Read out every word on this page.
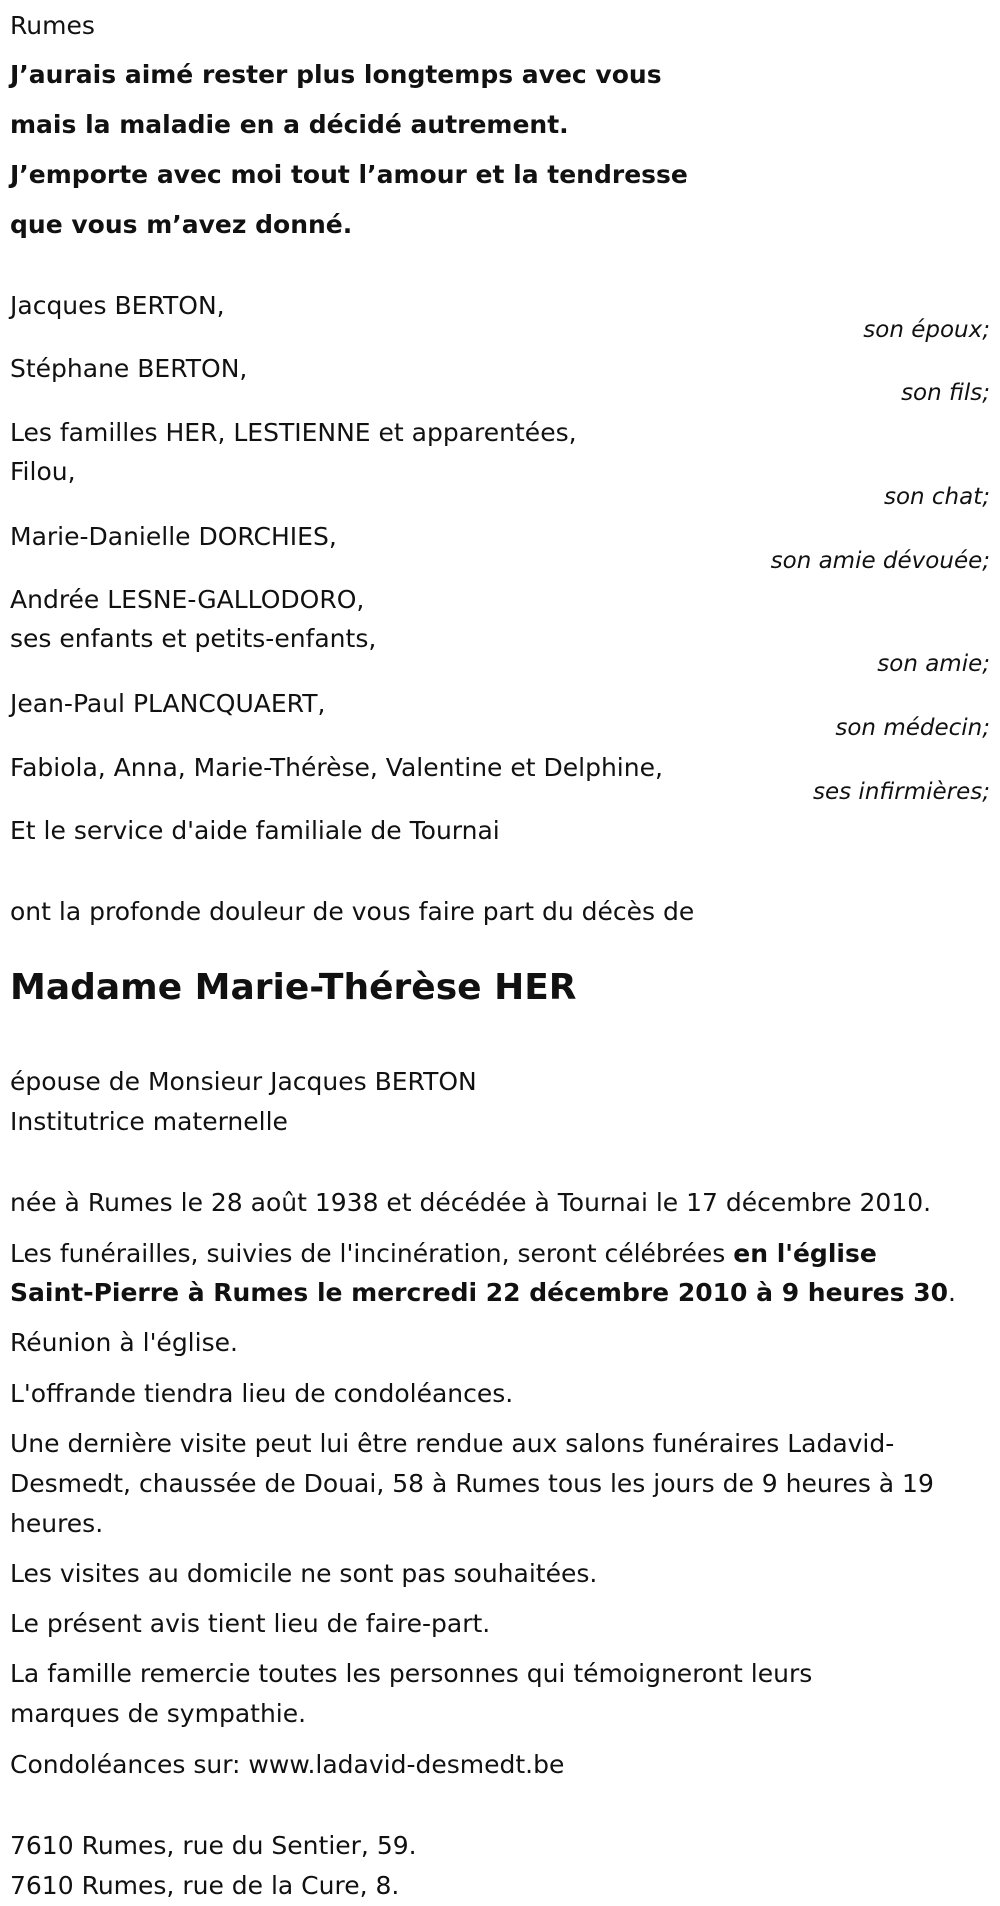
Rumes
J’aurais aimé rester plus longtemps avec vous
mais la maladie en a décidé autrement.
J’emporte avec moi tout l’amour et la tendresse
que vous m’avez donné.
Jacques BERTON,
son époux;
Stéphane BERTON,
son fils;
Les familles HER, LESTIENNE et apparentées,
Filou,
son chat;
Marie-Danielle DORCHIES,
son amie dévouée;
Andrée LESNE-GALLODORO,
ses enfants et petits-enfants,
son amie;
Jean-Paul PLANCQUAERT,
son médecin;
Fabiola, Anna, Marie-Thérèse, Valentine et Delphine,
ses infirmières;
Et le service d'aide familiale de Tournai
ont la profonde douleur de vous faire part du décès de
Madame Marie-Thérèse HER
épouse de Monsieur Jacques BERTON
Institutrice maternelle
née à Rumes le 28 août 1938 et décédée à Tournai le 17 décembre 2010.
Les funérailles, suivies de l'incinération, seront célébrées en l'église
Saint-Pierre à Rumes le mercredi 22 décembre 2010 à 9 heures 30.
Réunion à l'église.
L'offrande tiendra lieu de condoléances.
Une dernière visite peut lui être rendue aux salons funéraires Ladavid-
Desmedt, chaussée de Douai, 58 à Rumes tous les jours de 9 heures à 19
heures.
Les visites au domicile ne sont pas souhaitées.
Le présent avis tient lieu de faire-part.
La famille remercie toutes les personnes qui témoigneront leurs
marques de sympathie.
Condoléances sur: www.ladavid-desmedt.be
7610 Rumes, rue du Sentier, 59.
7610 Rumes, rue de la Cure, 8.
